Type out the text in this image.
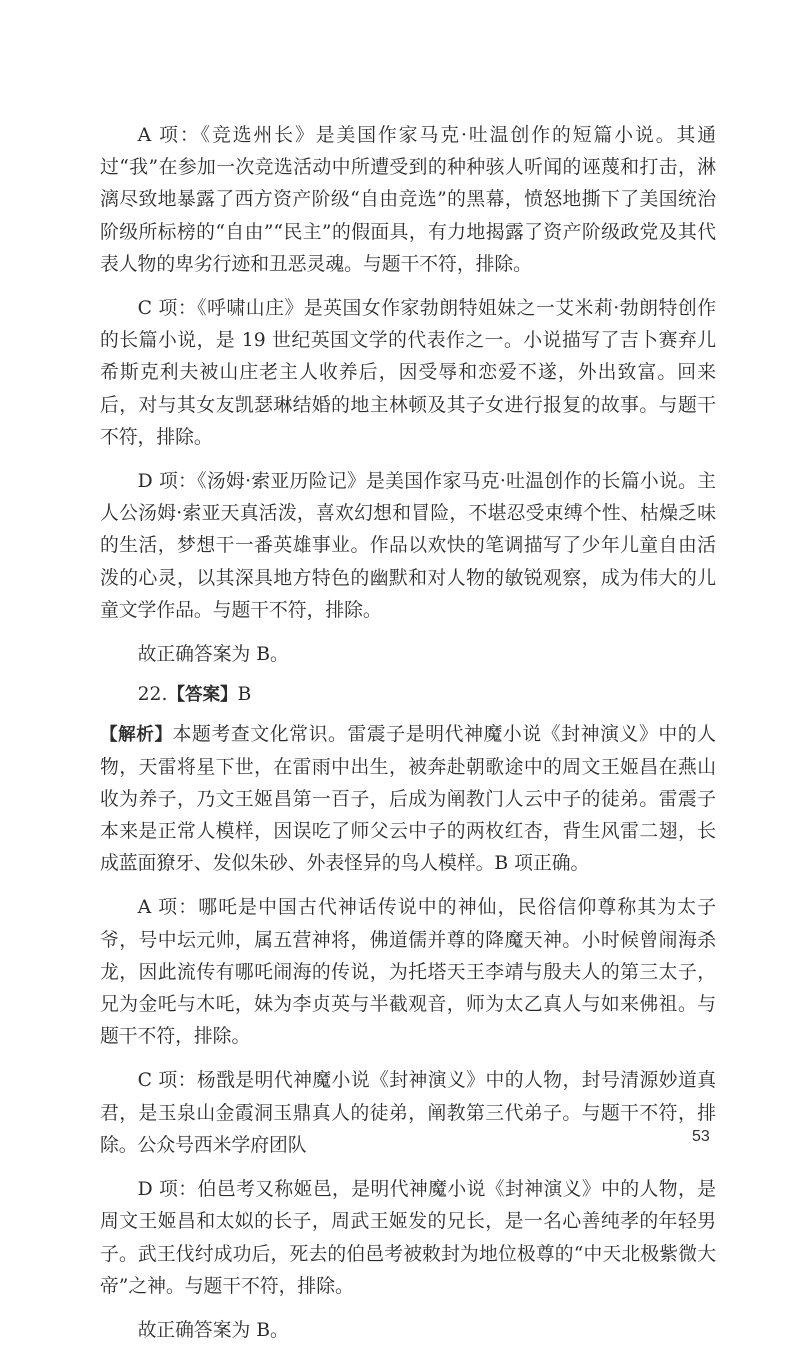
A 项：《竞选州长》是美国作家马克·吐温创作的短篇小说。其通过“我”在参加一次竞选活动中所遭受到的种种骇人听闻的诬蔑和打击，淋漓尽致地暴露了西方资产阶级“自由竞选”的黑幕，愤怒地撕下了美国统治阶级所标榜的“自由”“民主”的假面具，有力地揭露了资产阶级政党及其代表人物的卑劣行迹和丑恶灵魂。与题干不符，排除。

C 项：《呼啸山庄》是英国女作家勃朗特姐妹之一艾米莉·勃朗特创作的长篇小说，是 19 世纪英国文学的代表作之一。小说描写了吉卜赛弃儿希斯克利夫被山庄老主人收养后，因受辱和恋爱不遂，外出致富。回来后，对与其女友凯瑟琳结婚的地主林顿及其子女进行报复的故事。与题干不符，排除。

D 项：《汤姆·索亚历险记》是美国作家马克·吐温创作的长篇小说。主人公汤姆·索亚天真活泼，喜欢幻想和冒险，不堪忍受束缚个性、枯燥乏味的生活，梦想干一番英雄事业。作品以欢快的笔调描写了少年儿童自由活泼的心灵，以其深具地方特色的幽默和对人物的敏锐观察，成为伟大的儿童文学作品。与题干不符，排除。

故正确答案为 B。

22.【答案】B

【解析】本题考查文化常识。雷震子是明代神魔小说《封神演义》中的人物，天雷将星下世，在雷雨中出生，被奔赴朝歌途中的周文王姬昌在燕山收为养子，乃文王姬昌第一百子，后成为阐教门人云中子的徒弟。雷震子本来是正常人模样，因误吃了师父云中子的两枚红杏，背生风雷二翅，长成蓝面獠牙、发似朱砂、外表怪异的鸟人模样。B 项正确。

A 项：哪吒是中国古代神话传说中的神仙，民俗信仰尊称其为太子爷，号中坛元帅，属五营神将，佛道儒并尊的降魔天神。小时候曾闹海杀龙，因此流传有哪吒闹海的传说，为托塔天王李靖与殷夫人的第三太子，兄为金吒与木吒，妹为李贞英与半截观音，师为太乙真人与如来佛祖。与题干不符，排除。

C 项：杨戬是明代神魔小说《封神演义》中的人物，封号清源妙道真君，是玉泉山金霞洞玉鼎真人的徒弟，阐教第三代弟子。与题干不符，排除。公众号西米学府团队

D 项：伯邑考又称姬邑，是明代神魔小说《封神演义》中的人物，是周文王姬昌和太姒的长子，周武王姬发的兄长，是一名心善纯孝的年轻男子。武王伐纣成功后，死去的伯邑考被敕封为地位极尊的“中天北极紫微大帝”之神。与题干不符，排除。

故正确答案为 B。

53
